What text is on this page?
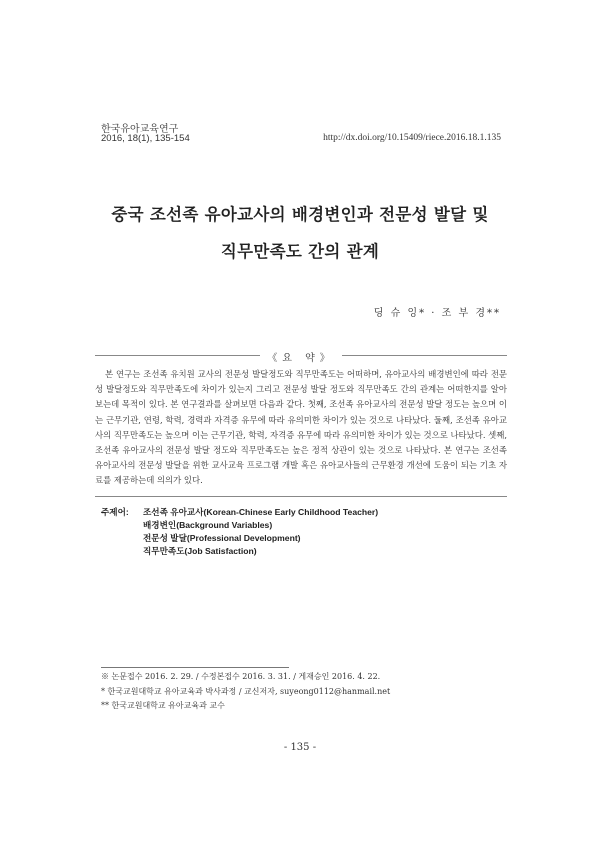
한국유아교육연구
2016, 18(1), 135-154	http://dx.doi.org/10.15409/riece.2016.18.1.135
중국 조선족 유아교사의 배경변인과 전문성 발달 및
직무만족도 간의 관계
딩 슈 잉* · 조 부 경**
《요 약》
본 연구는 조선족 유치원 교사의 전문성 발달정도와 직무만족도는 어떠하며, 유아교사의 배경변인에 따라 전문성 발달정도와 직무만족도에 차이가 있는지 그리고 전문성 발달 정도와 직무만족도 간의 관계는 어떠한지를 알아보는데 목적이 있다. 본 연구결과를 살펴보면 다음과 같다. 첫째, 조선족 유아교사의 전문성 발달 정도는 높으며 이는 근무기관, 연령, 학력, 경력과 자격증 유무에 따라 유의미한 차이가 있는 것으로 나타났다. 둘째, 조선족 유아교사의 직무만족도는 높으며 이는 근무기관, 학력, 자격증 유무에 따라 유의미한 차이가 있는 것으로 나타났다. 셋째, 조선족 유아교사의 전문성 발달 정도와 직무만족도는 높은 정적 상관이 있는 것으로 나타났다. 본 연구는 조선족 유아교사의 전문성 발달을 위한 교사교육 프로그램 개발 혹은 유아교사들의 근무환경 개선에 도움이 되는 기초 자료를 제공하는데 의의가 있다.
주제어: 조선족 유아교사(Korean-Chinese Early Childhood Teacher)
배경변인(Background Variables)
전문성 발달(Professional Development)
직무만족도(Job Satisfaction)
※ 논문접수 2016. 2. 29. / 수정본접수 2016. 3. 31. / 게재승인 2016. 4. 22.
* 한국교원대학교 유아교육과 박사과정 / 교신저자, suyeong0112@hanmail.net
** 한국교원대학교 유아교육과 교수
- 135 -
